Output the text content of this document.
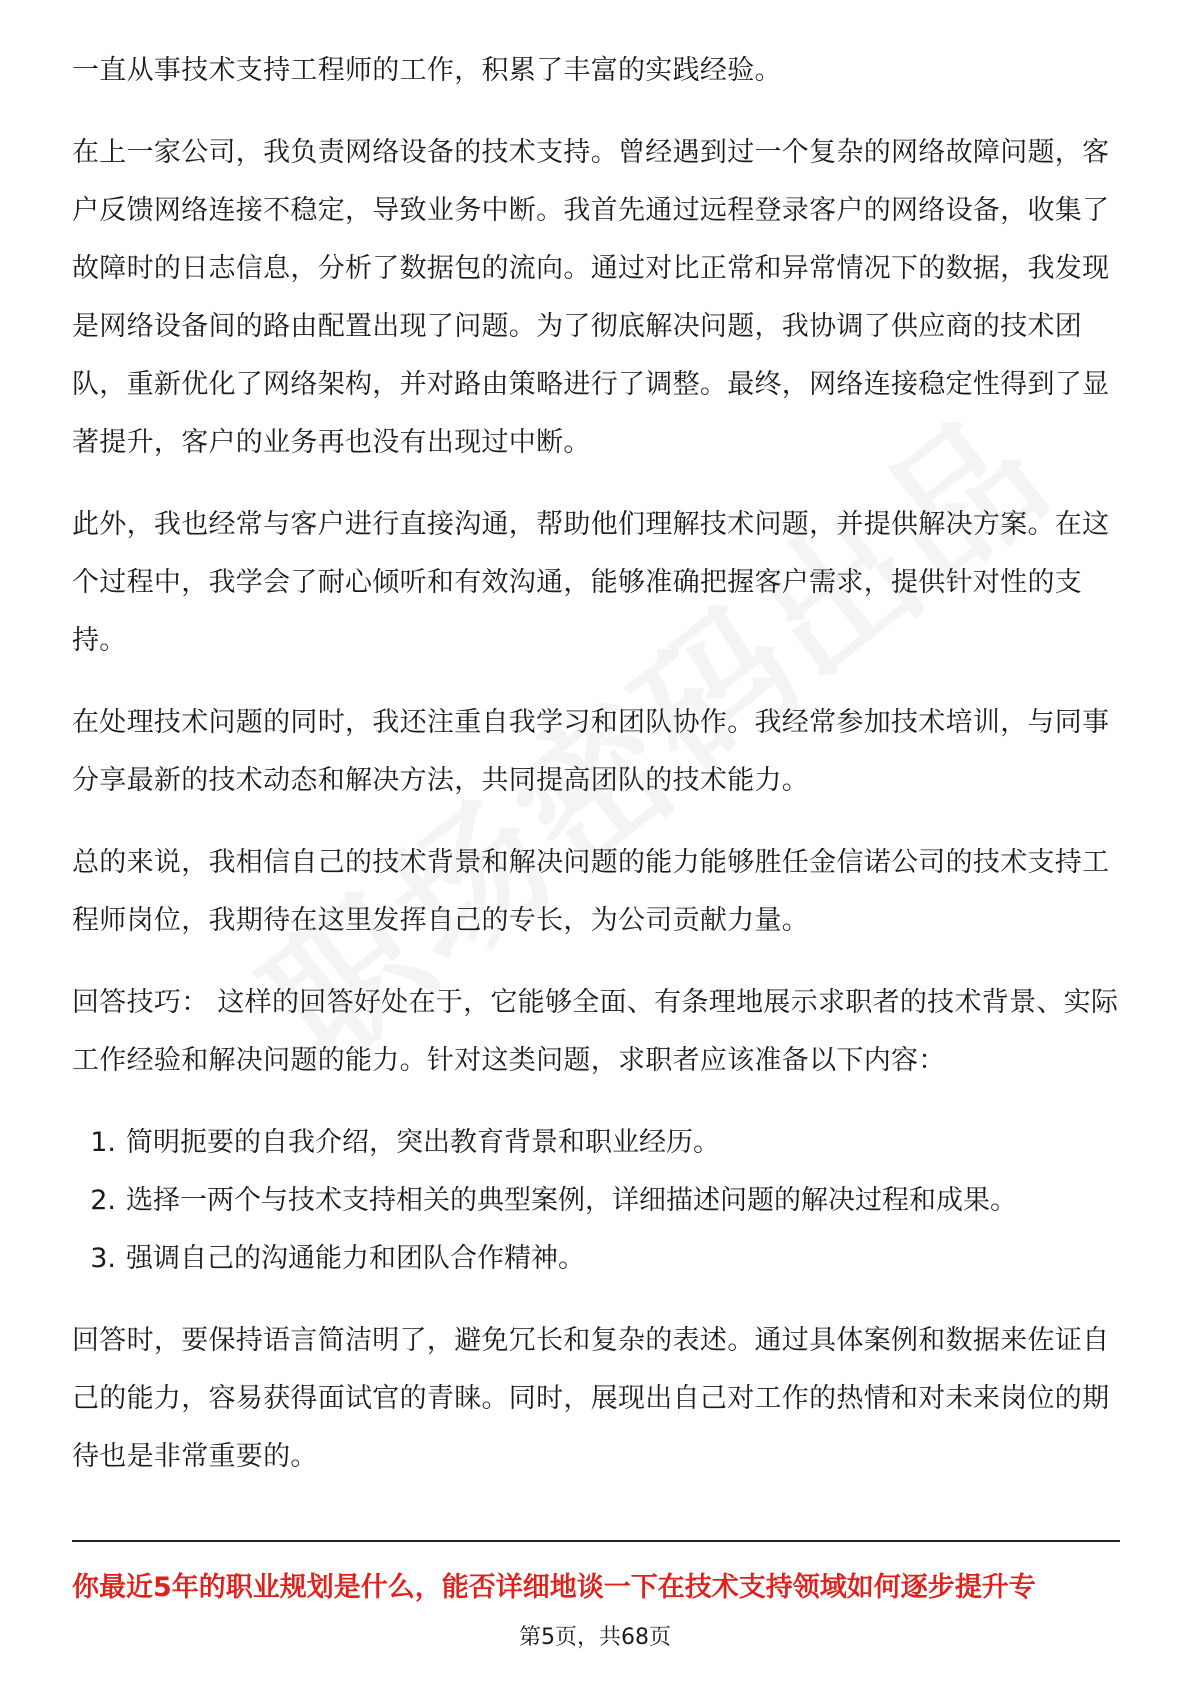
一直从事技术支持工程师的工作，积累了丰富的实践经验。

在上一家公司，我负责网络设备的技术支持。曾经遇到过一个复杂的网络故障问题，客户反馈网络连接不稳定，导致业务中断。我首先通过远程登录客户的网络设备，收集了故障时的日志信息，分析了数据包的流向。通过对比正常和异常情况下的数据，我发现是网络设备间的路由配置出现了问题。为了彻底解决问题，我协调了供应商的技术团队，重新优化了网络架构，并对路由策略进行了调整。最终，网络连接稳定性得到了显著提升，客户的业务再也没有出现过中断。

此外，我也经常与客户进行直接沟通，帮助他们理解技术问题，并提供解决方案。在这个过程中，我学会了耐心倾听和有效沟通，能够准确把握客户需求，提供针对性的支持。

在处理技术问题的同时，我还注重自我学习和团队协作。我经常参加技术培训，与同事分享最新的技术动态和解决方法，共同提高团队的技术能力。

总的来说，我相信自己的技术背景和解决问题的能力能够胜任金信诺公司的技术支持工程师岗位，我期待在这里发挥自己的专长，为公司贡献力量。

回答技巧： 这样的回答好处在于，它能够全面、有条理地展示求职者的技术背景、实际工作经验和解决问题的能力。针对这类问题，求职者应该准备以下内容：

1. 简明扼要的自我介绍，突出教育背景和职业经历。
2. 选择一两个与技术支持相关的典型案例，详细描述问题的解决过程和成果。
3. 强调自己的沟通能力和团队合作精神。

回答时，要保持语言简洁明了，避免冗长和复杂的表述。通过具体案例和数据来佐证自己的能力，容易获得面试官的青睐。同时，展现出自己对工作的热情和对未来岗位的期待也是非常重要的。

你最近5年的职业规划是什么，能否详细地谈一下在技术支持领域如何逐步提升专
第5页，共68页
